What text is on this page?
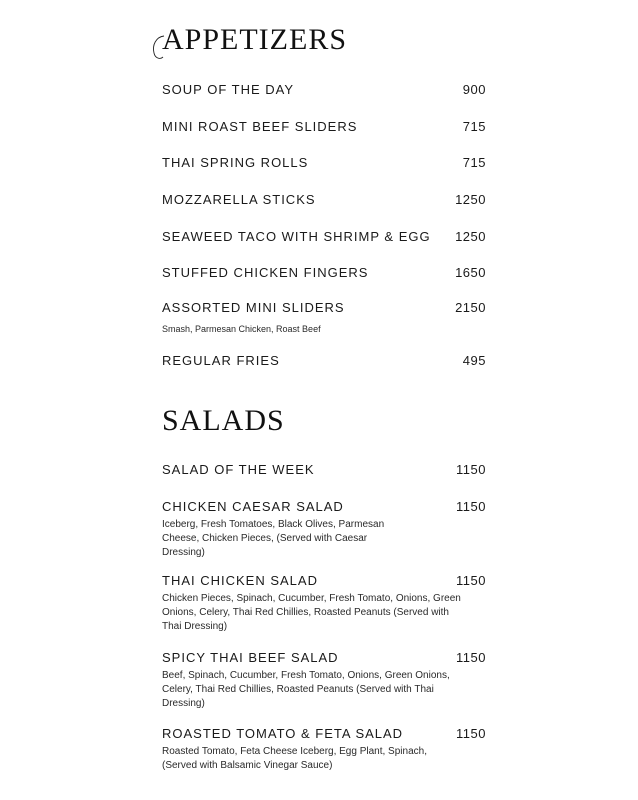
APPETIZERS
SOUP OF THE DAY	900
MINI ROAST BEEF SLIDERS	715
THAI SPRING ROLLS	715
MOZZARELLA STICKS	1250
SEAWEED TACO WITH SHRIMP & EGG 1250
STUFFED CHICKEN FINGERS	1650
ASSORTED MINI SLIDERS	2150
Smash, Parmesan Chicken, Roast Beef
REGULAR FRIES	495
SALADS
SALAD OF THE WEEK	1150
CHICKEN CAESAR SALAD	1150
Iceberg, Fresh Tomatoes, Black Olives, Parmesan Cheese, Chicken Pieces, (Served with Caesar Dressing)
THAI CHICKEN SALAD	1150
Chicken Pieces, Spinach, Cucumber, Fresh Tomato, Onions, Green Onions, Celery, Thai Red Chillies, Roasted Peanuts (Served with Thai Dressing)
SPICY THAI BEEF SALAD	1150
Beef, Spinach, Cucumber, Fresh Tomato, Onions, Green Onions, Celery, Thai Red Chillies, Roasted Peanuts (Served with Thai Dressing)
ROASTED TOMATO & FETA SALAD	1150
Roasted Tomato, Feta Cheese Iceberg, Egg Plant, Spinach, (Served with Balsamic Vinegar Sauce)
